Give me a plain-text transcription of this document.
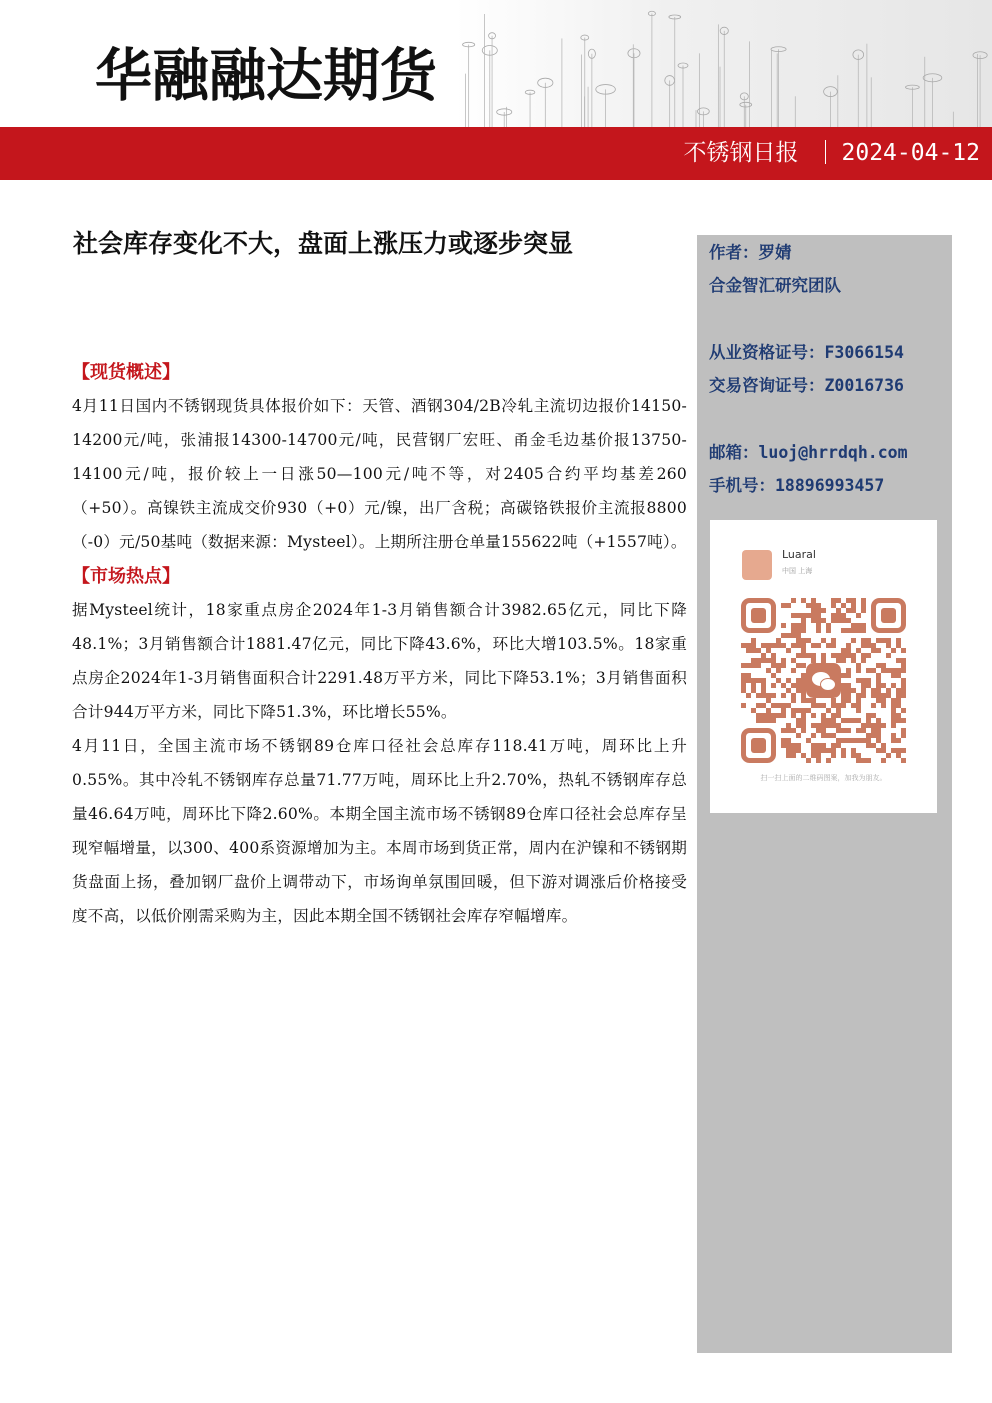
华融融达期货
不锈钢日报 2024-04-12
社会库存变化不大，盘面上涨压力或逐步突显

【现货概述】

4月11日国内不锈钢现货具体报价如下：天管、酒钢304/2B冷轧主流切边报价14150-14200元/吨，张浦报14300-14700元/吨，民营钢厂宏旺、甬金毛边基价报13750-14100元/吨，报价较上一日涨50—100元/吨不等，对2405合约平均基差260（+50）。高镍铁主流成交价930（+0）元/镍，出厂含税；高碳铬铁报价主流报8800（-0）元/50基吨（数据来源：Mysteel）。上期所注册仓单量155622吨（+1557吨）。

【市场热点】

据Mysteel统计，18家重点房企2024年1-3月销售额合计3982.65亿元，同比下降48.1%；3月销售额合计1881.47亿元，同比下降43.6%，环比大增103.5%。18家重点房企2024年1-3月销售面积合计2291.48万平方米，同比下降53.1%；3月销售面积合计944万平方米，同比下降51.3%，环比增长55%。

4月11日，全国主流市场不锈钢89仓库口径社会总库存118.41万吨，周环比上升0.55%。其中冷轧不锈钢库存总量71.77万吨，周环比上升2.70%，热轧不锈钢库存总量46.64万吨，周环比下降2.60%。本期全国主流市场不锈钢89仓库口径社会总库存呈现窄幅增量，以300、400系资源增加为主。本周市场到货正常，周内在沪镍和不锈钢期货盘面上扬，叠加钢厂盘价上调带动下，市场询单氛围回暖，但下游对调涨后价格接受度不高，以低价刚需采购为主，因此本期全国不锈钢社会库存窄幅增库。

作者：罗婧
合金智汇研究团队
从业资格证号：F3066154
交易咨询证号：Z0016736
邮箱：luoj@hrrdqh.com
手机号：18896993457
Luaral
中国 上海
扫一扫上面的二维码图案，加我为朋友。
